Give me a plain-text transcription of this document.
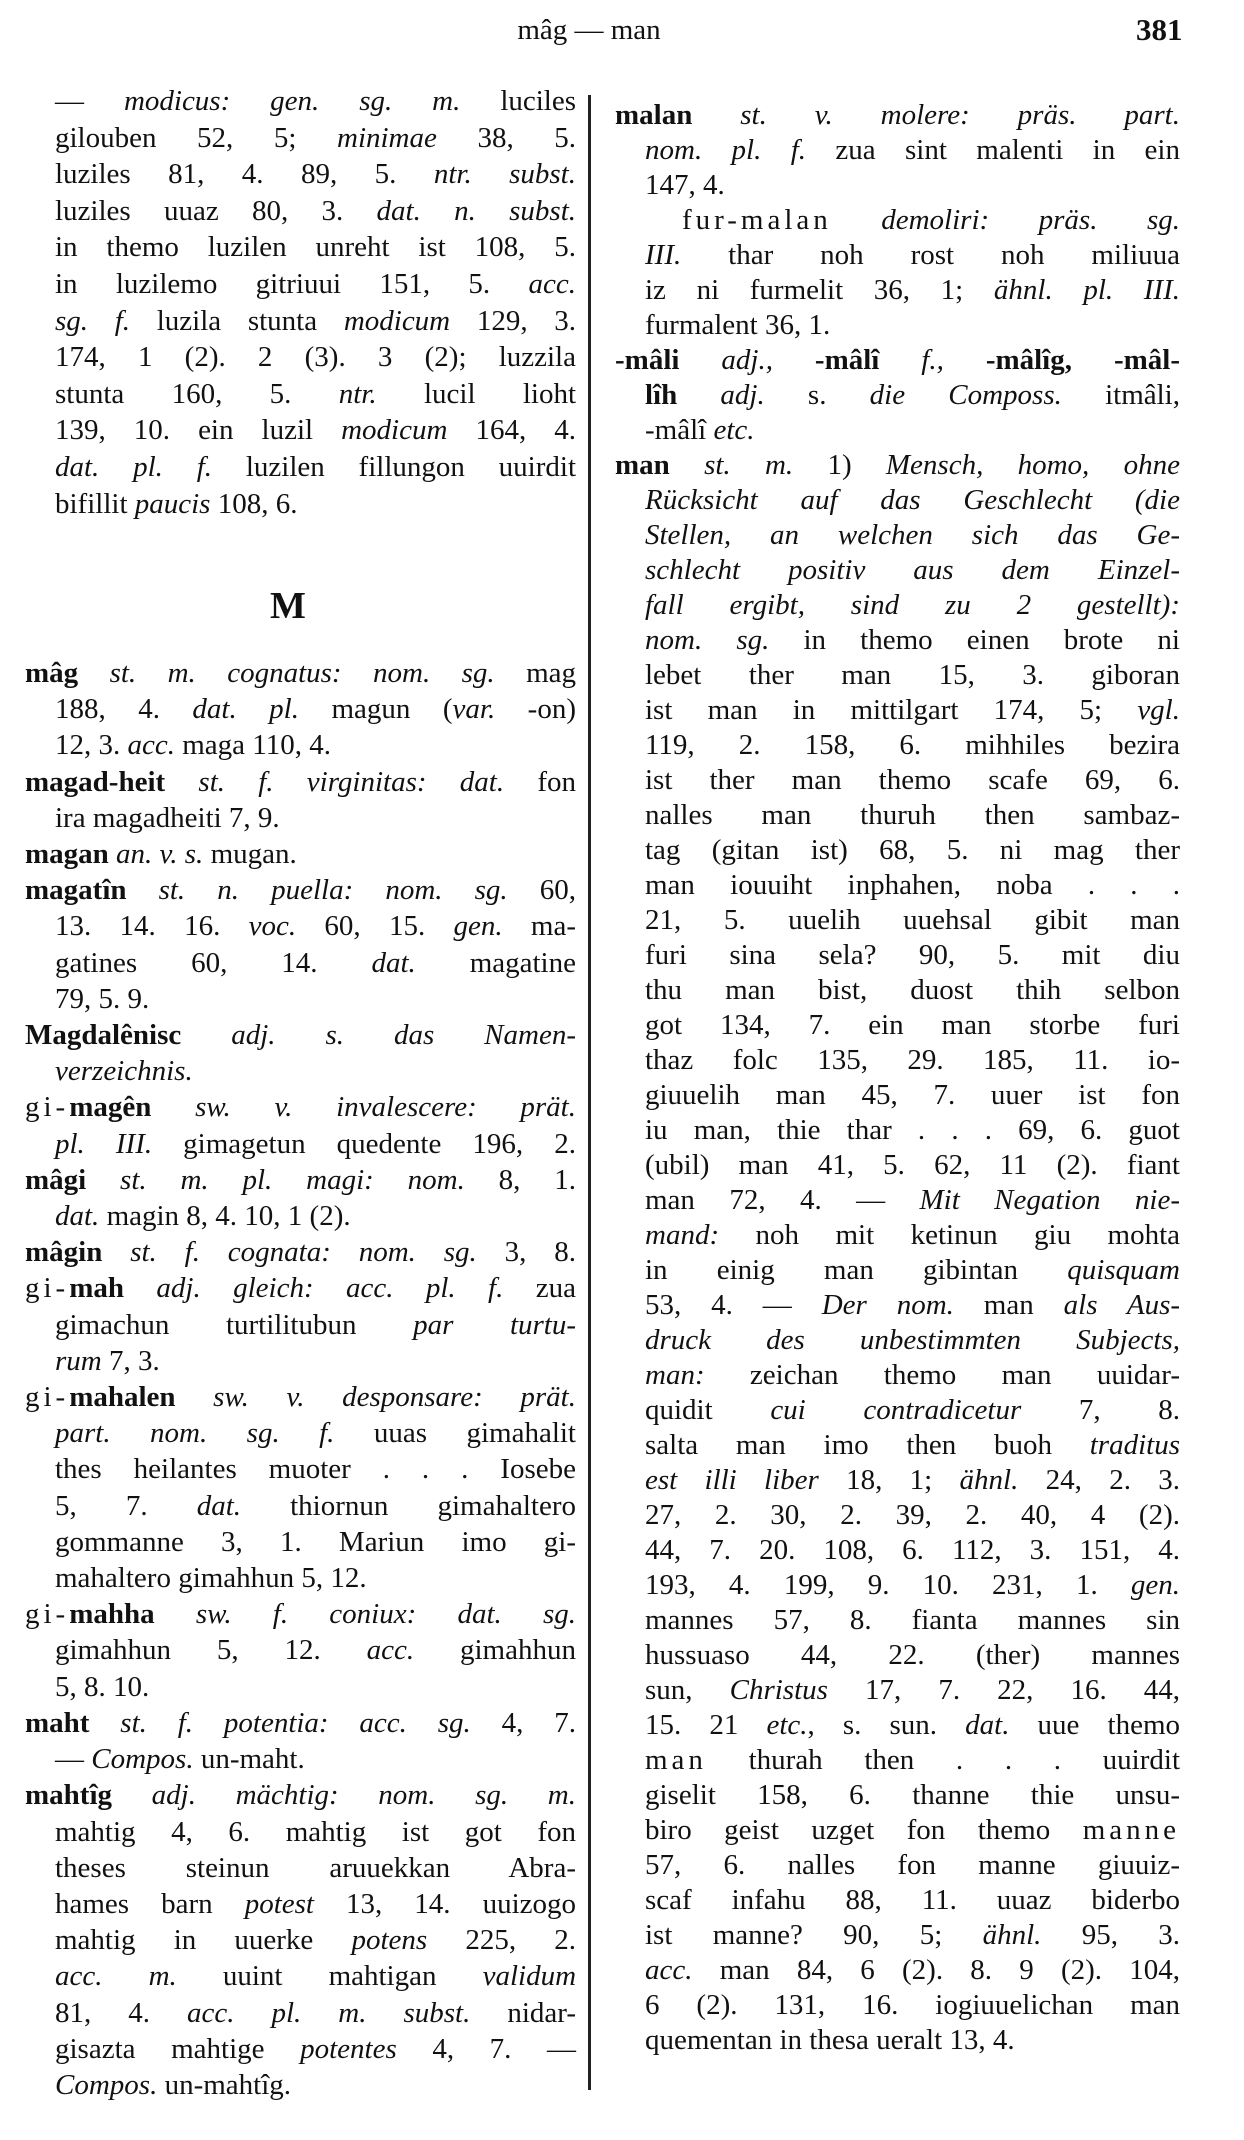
mâg — man	381
M
— modicus: gen. sg. m. luciles
gilouben 52, 5; minimae 38, 5.
luziles 81, 4. 89, 5. ntr. subst.
luziles uuaz 80, 3. dat. n. subst.
in themo luzilen unreht ist 108, 5.
in luzilemo gitriuui 151, 5. acc.
sg. f. luzila stunta modicum 129, 3.
174, 1 (2). 2 (3). 3 (2); luzzila
stunta 160, 5. ntr. lucil lioht
139, 10. ein luzil modicum 164, 4.
dat. pl. f. luzilen fillungon uuirdit
bifillit paucis 108, 6.
mâg st. m. cognatus: nom. sg. mag
188, 4. dat. pl. magun (var. -on)
12, 3. acc. maga 110, 4.
magad-heit st. f. virginitas: dat. fon
ira magadheiti 7, 9.
magan an. v. s. mugan.
magatîn st. n. puella: nom. sg. 60,
13. 14. 16. voc. 60, 15. gen. ma-
gatines 60, 14. dat. magatine
79, 5. 9.
Magdalênisc adj. s. das Namen-
verzeichnis.
gi-magên sw. v. invalescere: prät.
pl. III. gimagetun quedente 196, 2.
mâgi st. m. pl. magi: nom. 8, 1.
dat. magin 8, 4. 10, 1 (2).
mâgin st. f. cognata: nom. sg. 3, 8.
gi-mah adj. gleich: acc. pl. f. zua
gimachun turtilitubun par turtu-
rum 7, 3.
gi-mahalen sw. v. desponsare: prät.
part. nom. sg. f. uuas gimahalit
thes heilantes muoter . . . Iosebe
5, 7. dat. thiornun gimahaltero
gommanne 3, 1. Mariun imo gi-
mahaltero gimahhun 5, 12.
gi-mahha sw. f. coniux: dat. sg.
gimahhun 5, 12. acc. gimahhun
5, 8. 10.
maht st. f. potentia: acc. sg. 4, 7.
— Compos. un-maht.
mahtîg adj. mächtig: nom. sg. m.
mahtig 4, 6. mahtig ist got fon
theses steinun aruuekkan Abra-
hames barn potest 13, 14. uuizogo
mahtig in uuerke potens 225, 2.
acc. m. uuint mahtigan validum
81, 4. acc. pl. m. subst. nidar-
gisazta mahtige potentes 4, 7. —
Compos. un-mahtîg.
malan st. v. molere: präs. part.
nom. pl. f. zua sint malenti in ein
147, 4.
fur-malan demoliri: präs. sg.
III. thar noh rost noh miliuua
iz ni furmelit 36, 1; ähnl. pl. III.
furmalent 36, 1.
-mâli adj., -mâlî f., -mâlîg, -mâl-
lîh adj. s. die Composs. itmâli,
-mâlî etc.
man st. m. 1) Mensch, homo, ohne
Rücksicht auf das Geschlecht (die
Stellen, an welchen sich das Ge-
schlecht positiv aus dem Einzel-
fall ergibt, sind zu 2 gestellt):
nom. sg. in themo einen brote ni
lebet ther man 15, 3. giboran
ist man in mittilgart 174, 5; vgl.
119, 2. 158, 6. mihhiles bezira
ist ther man themo scafe 69, 6.
nalles man thuruh then sambaz-
tag (gitan ist) 68, 5. ni mag ther
man iouuiht inphahen, noba . . .
21, 5. uuelih uuehsal gibit man
furi sina sela? 90, 5. mit diu
thu man bist, duost thih selbon
got 134, 7. ein man storbe furi
thaz folc 135, 29. 185, 11. io-
giuuelih man 45, 7. uuer ist fon
iu man, thie thar . . . 69, 6. guot
(ubil) man 41, 5. 62, 11 (2). fiant
man 72, 4. — Mit Negation nie-
mand: noh mit ketinun giu mohta
in einig man gibintan quisquam
53, 4. — Der nom. man als Aus-
druck des unbestimmten Subjects,
man: zeichan themo man uuidar-
quidit cui contradicetur 7, 8.
salta man imo then buoh traditus
est illi liber 18, 1; ähnl. 24, 2. 3.
27, 2. 30, 2. 39, 2. 40, 4 (2).
44, 7. 20. 108, 6. 112, 3. 151, 4.
193, 4. 199, 9. 10. 231, 1. gen.
mannes 57, 8. fianta mannes sin
hussuaso 44, 22. (ther) mannes
sun, Christus 17, 7. 22, 16. 44,
15. 21 etc., s. sun. dat. uue themo
man thurah then . . . uuirdit
giselit 158, 6. thanne thie unsu-
biro geist uzget fon themo manne
57, 6. nalles fon manne giuuiz-
scaf infahu 88, 11. uuaz biderbo
ist manne? 90, 5; ähnl. 95, 3.
acc. man 84, 6 (2). 8. 9 (2). 104,
6 (2). 131, 16. iogiuuelichan man
quementan in thesa ueralt 13, 4.
